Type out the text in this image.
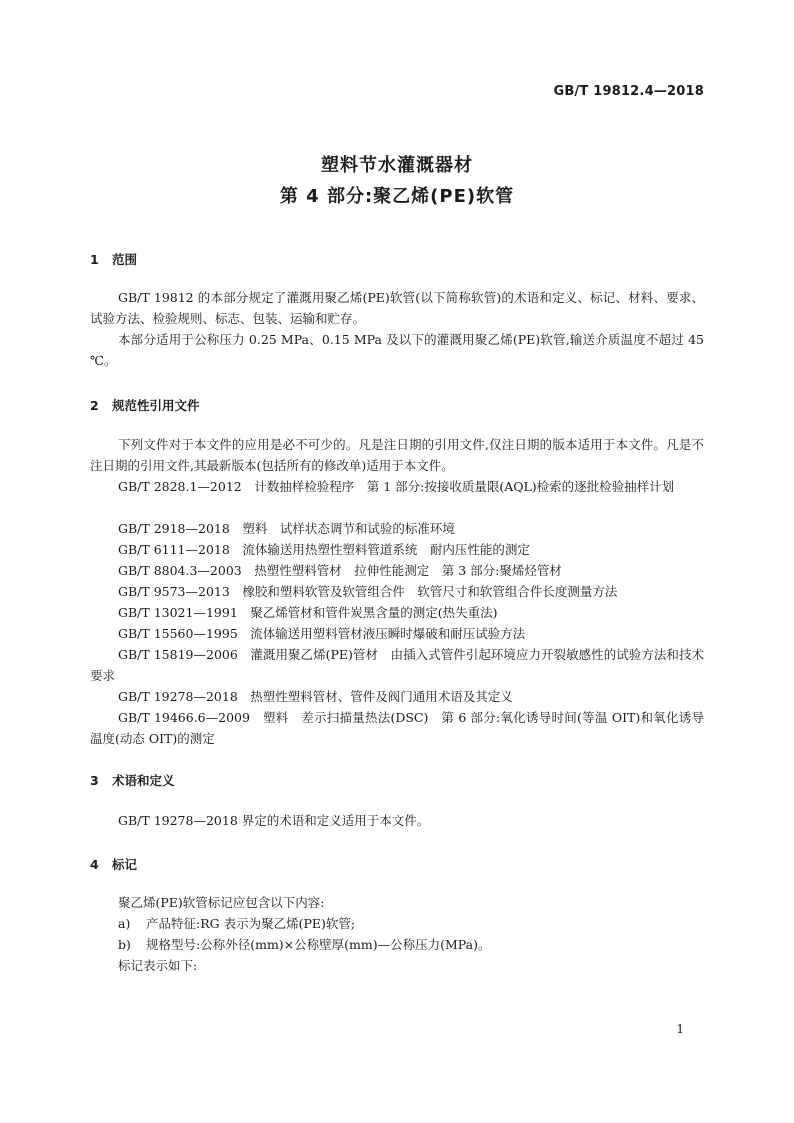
GB/T 19812.4—2018
塑料节水灌溉器材
第 4 部分:聚乙烯(PE)软管
1 范围
GB/T 19812 的本部分规定了灌溉用聚乙烯(PE)软管(以下简称软管)的术语和定义、标记、材料、要求、试验方法、检验规则、标志、包装、运输和贮存。
本部分适用于公称压力 0.25 MPa、0.15 MPa 及以下的灌溉用聚乙烯(PE)软管,输送介质温度不超过 45 ℃。
2 规范性引用文件
下列文件对于本文件的应用是必不可少的。凡是注日期的引用文件,仅注日期的版本适用于本文件。凡是不注日期的引用文件,其最新版本(包括所有的修改单)适用于本文件。
GB/T 2828.1—2012　计数抽样检验程序　第 1 部分:按接收质量限(AQL)检索的逐批检验抽样计划
GB/T 2918—2018　塑料　试样状态调节和试验的标准环境
GB/T 6111—2018　流体输送用热塑性塑料管道系统　耐内压性能的测定
GB/T 8804.3—2003　热塑性塑料管材　拉伸性能测定　第 3 部分:聚烯烃管材
GB/T 9573—2013　橡胶和塑料软管及软管组合件　软管尺寸和软管组合件长度测量方法
GB/T 13021—1991　聚乙烯管材和管件炭黑含量的测定(热失重法)
GB/T 15560—1995　流体输送用塑料管材液压瞬时爆破和耐压试验方法
GB/T 15819—2006　灌溉用聚乙烯(PE)管材　由插入式管件引起环境应力开裂敏感性的试验方法和技术要求
GB/T 19278—2018　热塑性塑料管材、管件及阀门通用术语及其定义
GB/T 19466.6—2009　塑料　差示扫描量热法(DSC)　第 6 部分:氧化诱导时间(等温 OIT)和氧化诱导温度(动态 OIT)的测定
3 术语和定义
GB/T 19278—2018 界定的术语和定义适用于本文件。
4 标记
聚乙烯(PE)软管标记应包含以下内容:
a) 产品特征:RG 表示为聚乙烯(PE)软管;
b) 规格型号:公称外径(mm)×公称壁厚(mm)—公称压力(MPa)。
标记表示如下:
1
